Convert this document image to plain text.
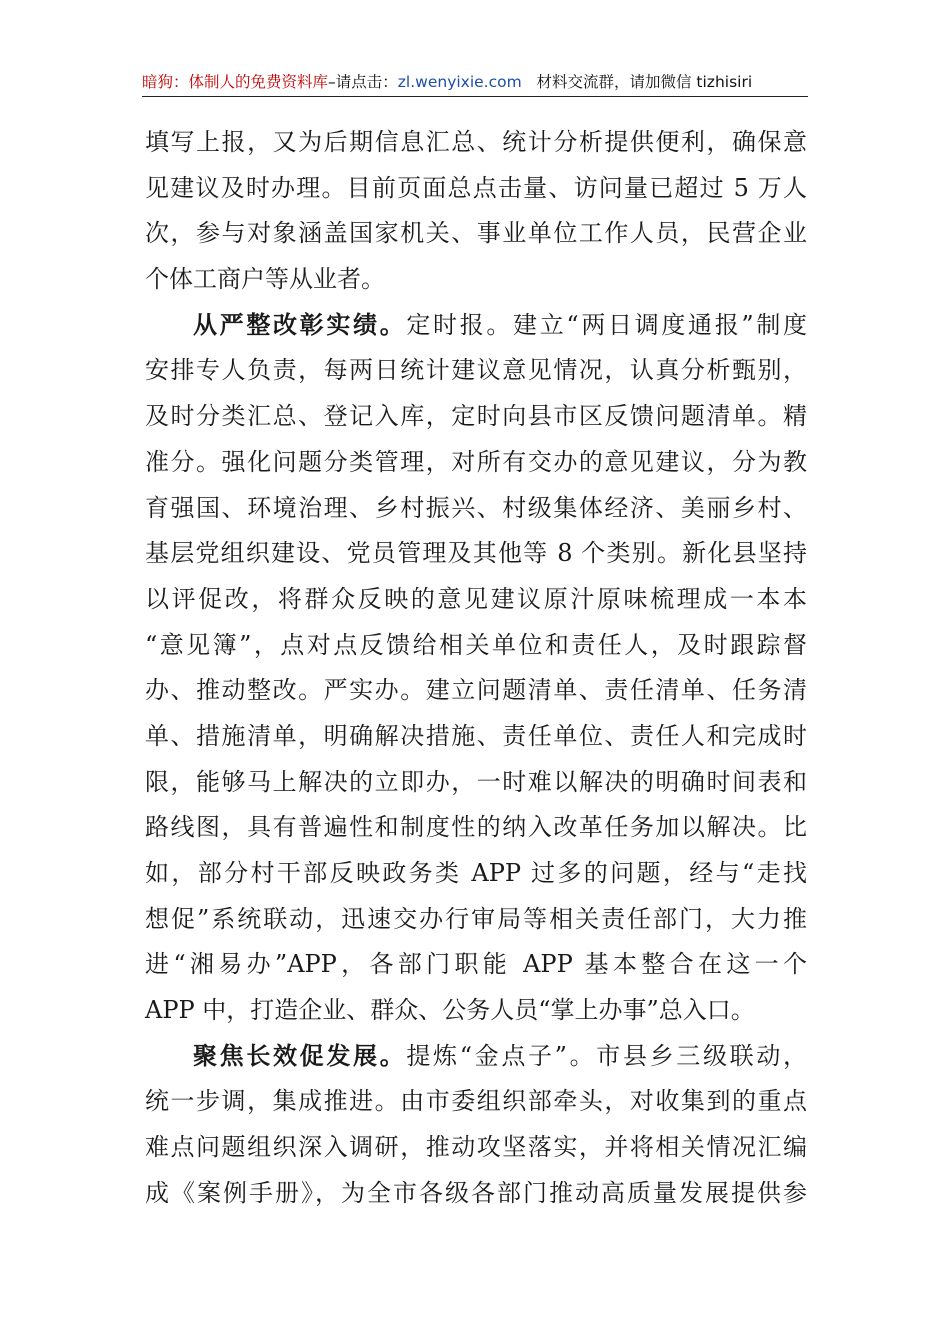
暗狗：体制人的免费资料库–请点击：zl.wenyixie.com 材料交流群，请加微信 tizhisiri
填写上报，又为后期信息汇总、统计分析提供便利，确保意
见建议及时办理。目前页面总点击量、访问量已超过 5 万人
次，参与对象涵盖国家机关、事业单位工作人员，民营企业
个体工商户等从业者。
从严整改彰实绩。定时报。建立“两日调度通报”制度
安排专人负责，每两日统计建议意见情况，认真分析甄别，
及时分类汇总、登记入库，定时向县市区反馈问题清单。精
准分。强化问题分类管理，对所有交办的意见建议，分为教
育强国、环境治理、乡村振兴、村级集体经济、美丽乡村、
基层党组织建设、党员管理及其他等 8 个类别。新化县坚持
以评促改，将群众反映的意见建议原汁原味梳理成一本本
“意见簿”，点对点反馈给相关单位和责任人，及时跟踪督
办、推动整改。严实办。建立问题清单、责任清单、任务清
单、措施清单，明确解决措施、责任单位、责任人和完成时
限，能够马上解决的立即办，一时难以解决的明确时间表和
路线图，具有普遍性和制度性的纳入改革任务加以解决。比
如，部分村干部反映政务类 APP 过多的问题，经与“走找
想促”系统联动，迅速交办行审局等相关责任部门，大力推
进“湘易办”APP，各部门职能 APP 基本整合在这一个
APP 中，打造企业、群众、公务人员“掌上办事”总入口。
聚焦长效促发展。提炼“金点子”。市县乡三级联动，
统一步调，集成推进。由市委组织部牵头，对收集到的重点
难点问题组织深入调研，推动攻坚落实，并将相关情况汇编
成《案例手册》，为全市各级各部门推动高质量发展提供参
